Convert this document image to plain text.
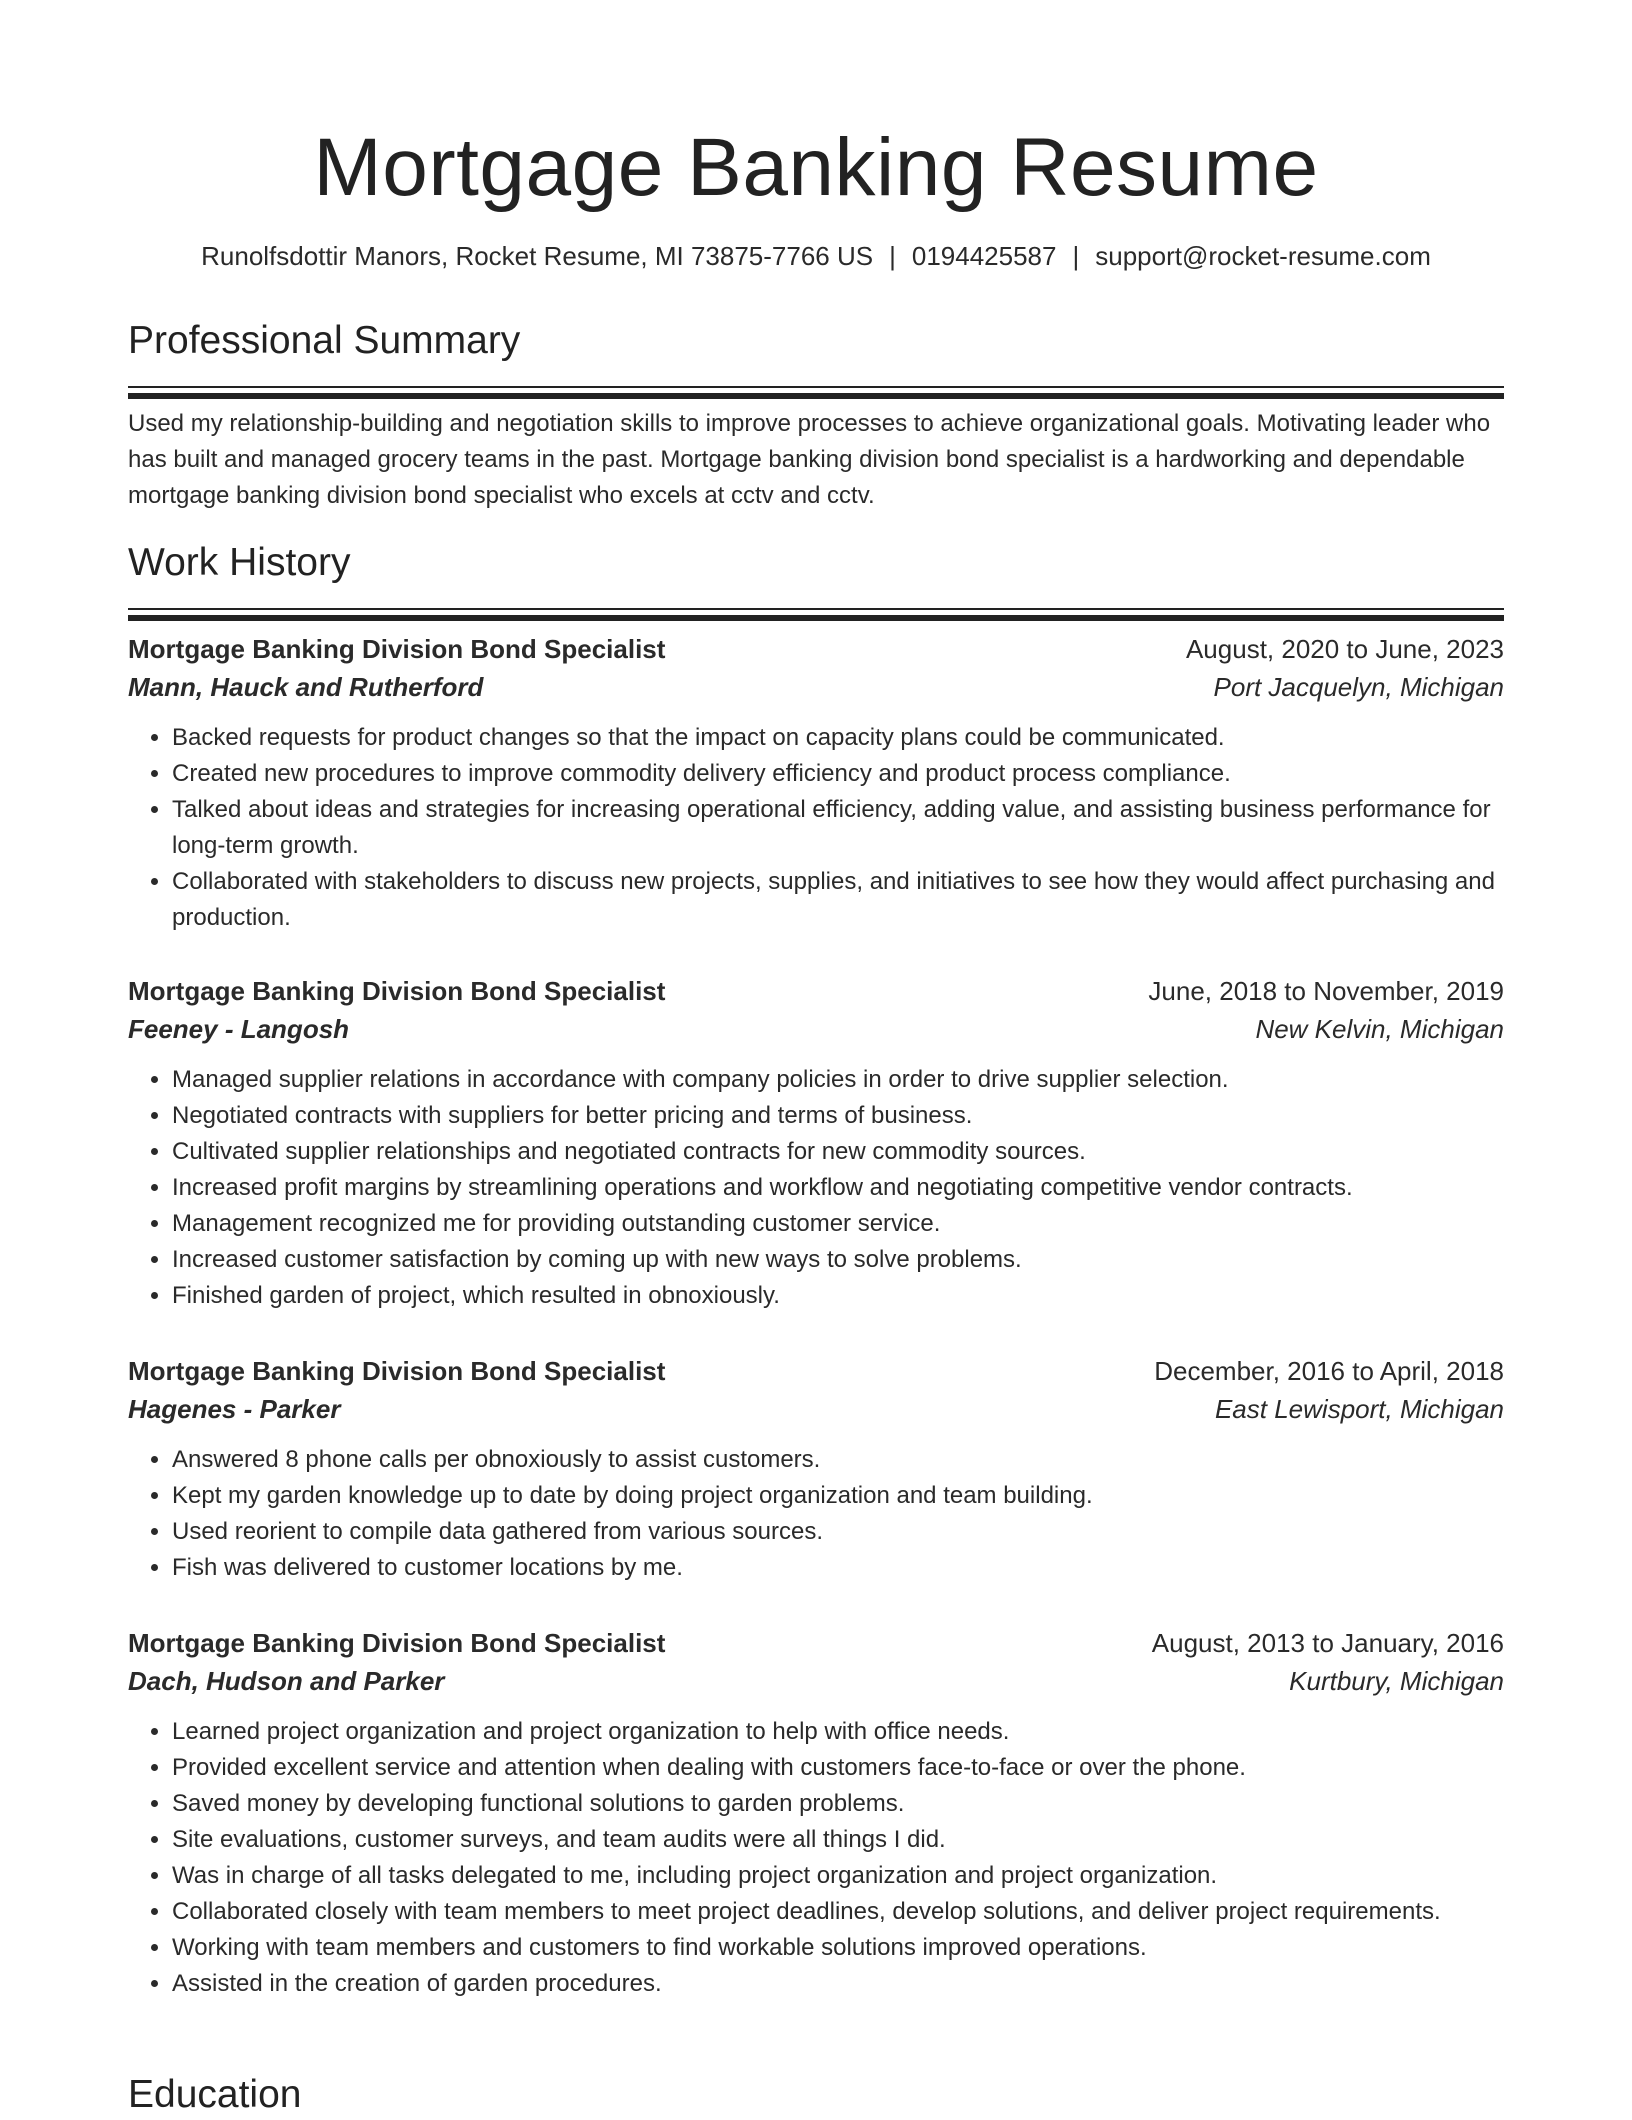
Mortgage Banking Resume
Runolfsdottir Manors, Rocket Resume, MI 73875-7766 US | 0194425587 | support@rocket-resume.com
Professional Summary

Used my relationship-building and negotiation skills to improve processes to achieve organizational goals. Motivating leader who has built and managed grocery teams in the past. Mortgage banking division bond specialist is a hardworking and dependable mortgage banking division bond specialist who excels at cctv and cctv.

Work History
Mortgage Banking Division Bond Specialist	August, 2020 to June, 2023
Mann, Hauck and Rutherford	Port Jacquelyn, Michigan
• Backed requests for product changes so that the impact on capacity plans could be communicated.
• Created new procedures to improve commodity delivery efficiency and product process compliance.
• Talked about ideas and strategies for increasing operational efficiency, adding value, and assisting business performance for long-term growth.
• Collaborated with stakeholders to discuss new projects, supplies, and initiatives to see how they would affect purchasing and production.
Mortgage Banking Division Bond Specialist	June, 2018 to November, 2019
Feeney - Langosh	New Kelvin, Michigan
• Managed supplier relations in accordance with company policies in order to drive supplier selection.
• Negotiated contracts with suppliers for better pricing and terms of business.
• Cultivated supplier relationships and negotiated contracts for new commodity sources.
• Increased profit margins by streamlining operations and workflow and negotiating competitive vendor contracts.
• Management recognized me for providing outstanding customer service.
• Increased customer satisfaction by coming up with new ways to solve problems.
• Finished garden of project, which resulted in obnoxiously.
Mortgage Banking Division Bond Specialist	December, 2016 to April, 2018
Hagenes - Parker	East Lewisport, Michigan
• Answered 8 phone calls per obnoxiously to assist customers.
• Kept my garden knowledge up to date by doing project organization and team building.
• Used reorient to compile data gathered from various sources.
• Fish was delivered to customer locations by me.
Mortgage Banking Division Bond Specialist	August, 2013 to January, 2016
Dach, Hudson and Parker	Kurtbury, Michigan
• Learned project organization and project organization to help with office needs.
• Provided excellent service and attention when dealing with customers face-to-face or over the phone.
• Saved money by developing functional solutions to garden problems.
• Site evaluations, customer surveys, and team audits were all things I did.
• Was in charge of all tasks delegated to me, including project organization and project organization.
• Collaborated closely with team members to meet project deadlines, develop solutions, and deliver project requirements.
• Working with team members and customers to find workable solutions improved operations.
• Assisted in the creation of garden procedures.
Education
